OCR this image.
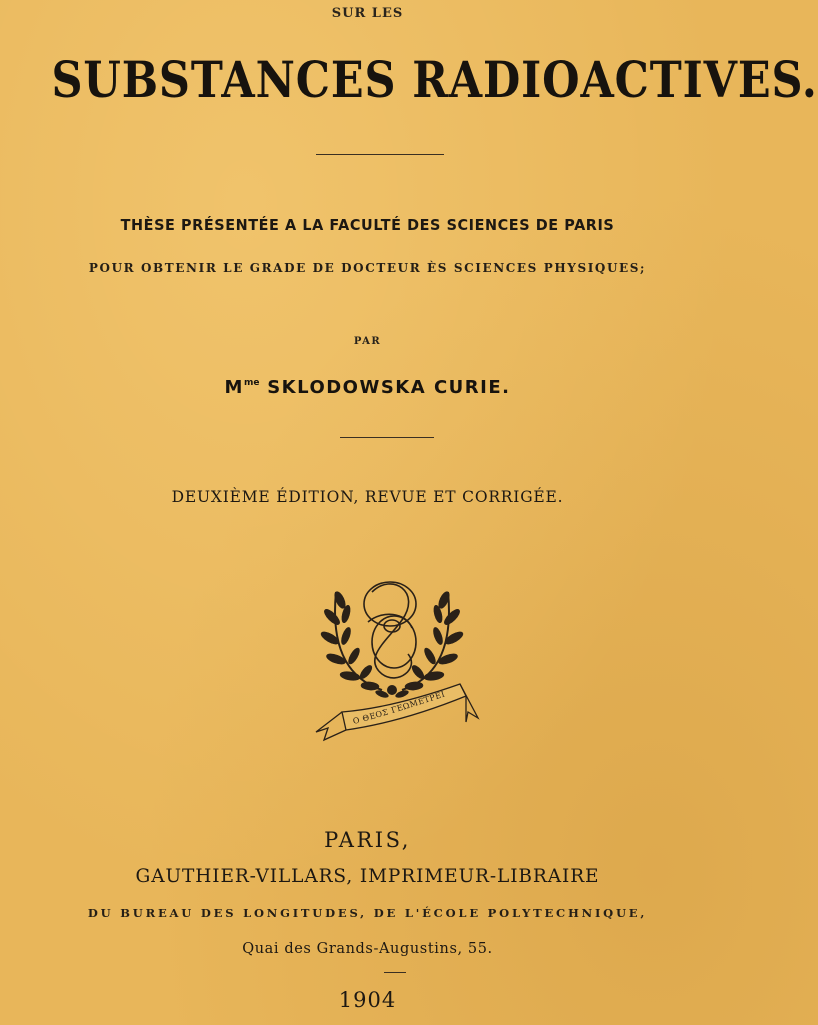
SUR LES
SUBSTANCES RADIOACTIVES.
THÈSE PRÉSENTÉE A LA FACULTÉ DES SCIENCES DE PARIS
POUR OBTENIR LE GRADE DE DOCTEUR ÈS SCIENCES PHYSIQUES;
PAR
$M^{me}$ SKLODOWSKA CURIE.
DEUXIÈME ÉDITION, REVUE ET CORRIGÉE.
Ο ΘΕΟΣ ΓΕΩΜΕΤΡΕΙ
PARIS,
GAUTHIER-VILLARS, IMPRIMEUR-LIBRAIRE
DU BUREAU DES LONGITUDES, DE L'ÉCOLE POLYTECHNIQUE,
Quai des Grands-Augustins, 55.
1904
